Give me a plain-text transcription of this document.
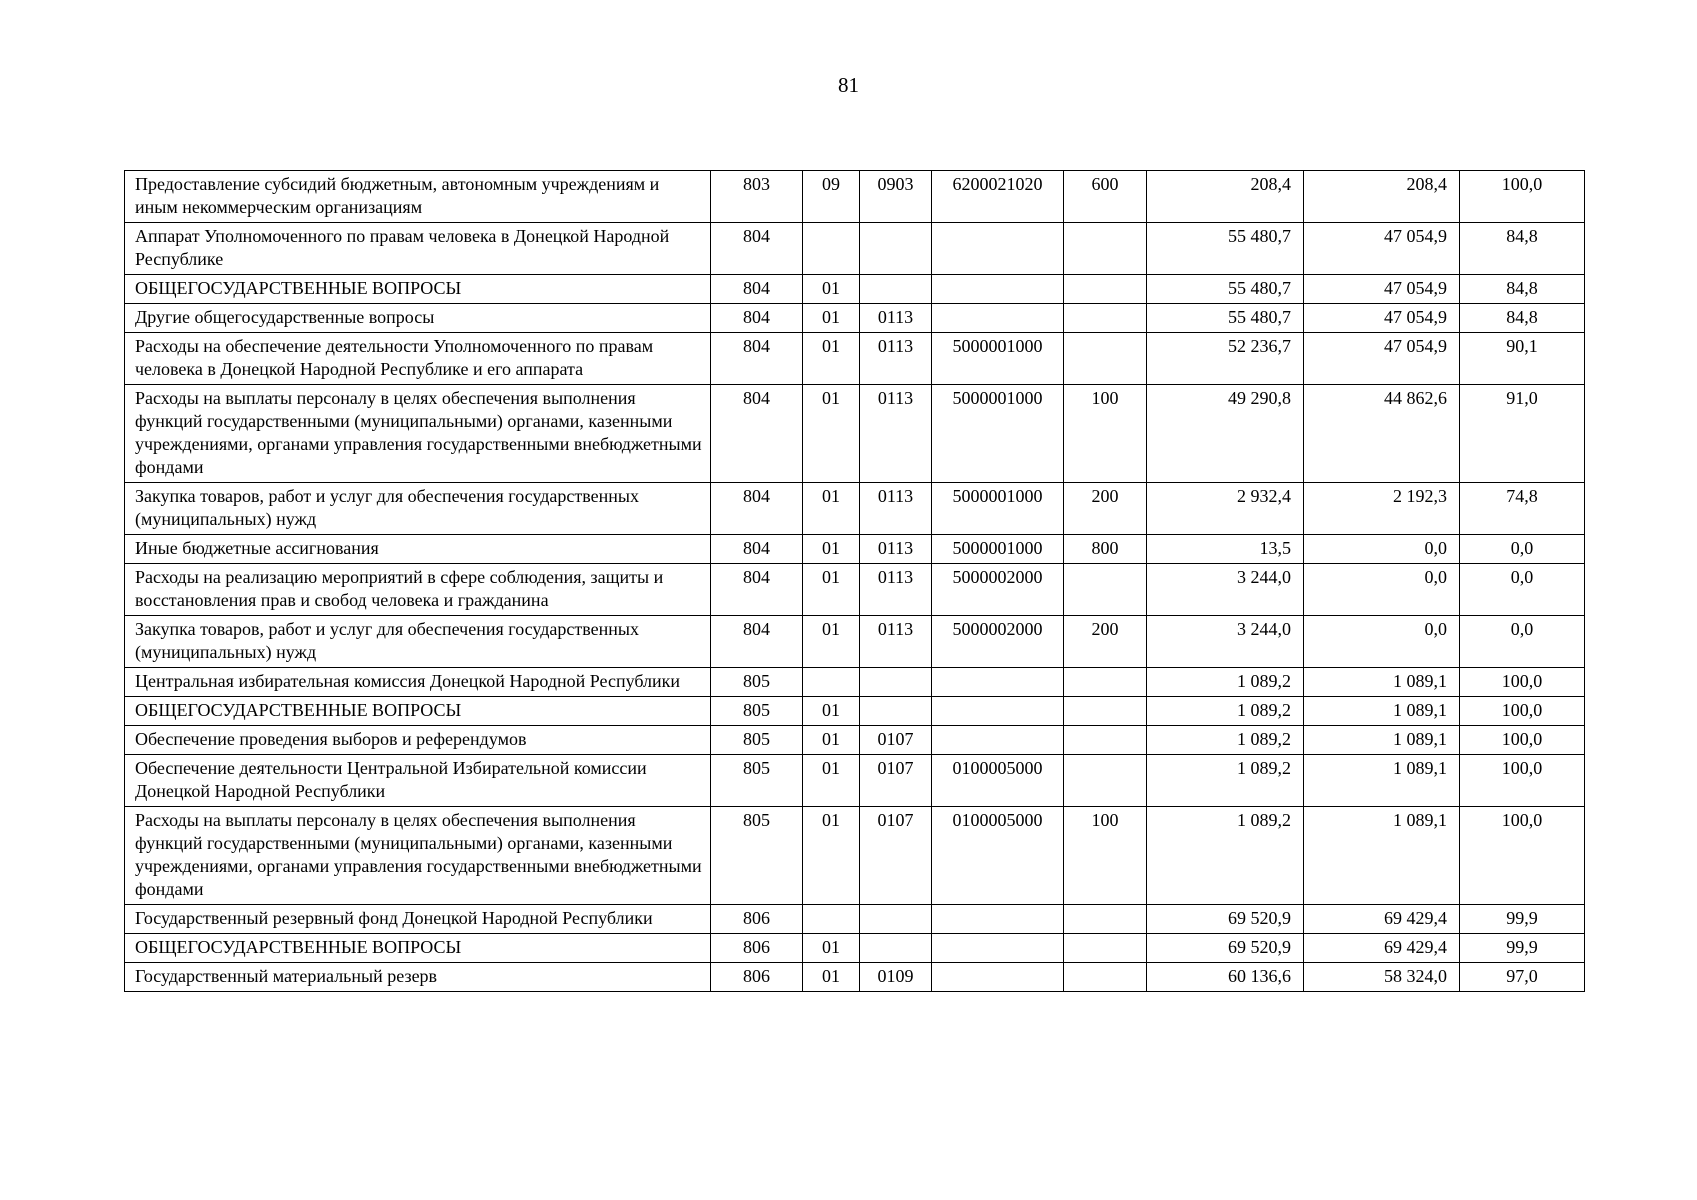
81
Предоставление субсидий бюджетным, автономным учреждениям и иным некоммерческим организациям	803	09	0903	6200021020	600	208,4	208,4	100,0
Аппарат Уполномоченного по правам человека в Донецкой Народной Республике	804					55 480,7	47 054,9	84,8
ОБЩЕГОСУДАРСТВЕННЫЕ ВОПРОСЫ	804	01				55 480,7	47 054,9	84,8
Другие общегосударственные вопросы	804	01	0113			55 480,7	47 054,9	84,8
Расходы на обеспечение деятельности Уполномоченного по правам человека в Донецкой Народной Республике и его аппарата	804	01	0113	5000001000		52 236,7	47 054,9	90,1
Расходы на выплаты персоналу в целях обеспечения выполнения функций государственными (муниципальными) органами, казенными учреждениями, органами управления государственными внебюджетными фондами	804	01	0113	5000001000	100	49 290,8	44 862,6	91,0
Закупка товаров, работ и услуг для обеспечения государственных (муниципальных) нужд	804	01	0113	5000001000	200	2 932,4	2 192,3	74,8
Иные бюджетные ассигнования	804	01	0113	5000001000	800	13,5	0,0	0,0
Расходы на реализацию мероприятий в сфере соблюдения, защиты и восстановления прав и свобод человека и гражданина	804	01	0113	5000002000		3 244,0	0,0	0,0
Закупка товаров, работ и услуг для обеспечения государственных (муниципальных) нужд	804	01	0113	5000002000	200	3 244,0	0,0	0,0
Центральная избирательная комиссия Донецкой Народной Республики	805					1 089,2	1 089,1	100,0
ОБЩЕГОСУДАРСТВЕННЫЕ ВОПРОСЫ	805	01				1 089,2	1 089,1	100,0
Обеспечение проведения выборов и референдумов	805	01	0107			1 089,2	1 089,1	100,0
Обеспечение деятельности Центральной Избирательной комиссии Донецкой Народной Республики	805	01	0107	0100005000		1 089,2	1 089,1	100,0
Расходы на выплаты персоналу в целях обеспечения выполнения функций государственными (муниципальными) органами, казенными учреждениями, органами управления государственными внебюджетными фондами	805	01	0107	0100005000	100	1 089,2	1 089,1	100,0
Государственный резервный фонд Донецкой Народной Республики	806					69 520,9	69 429,4	99,9
ОБЩЕГОСУДАРСТВЕННЫЕ ВОПРОСЫ	806	01				69 520,9	69 429,4	99,9
Государственный материальный резерв	806	01	0109			60 136,6	58 324,0	97,0
